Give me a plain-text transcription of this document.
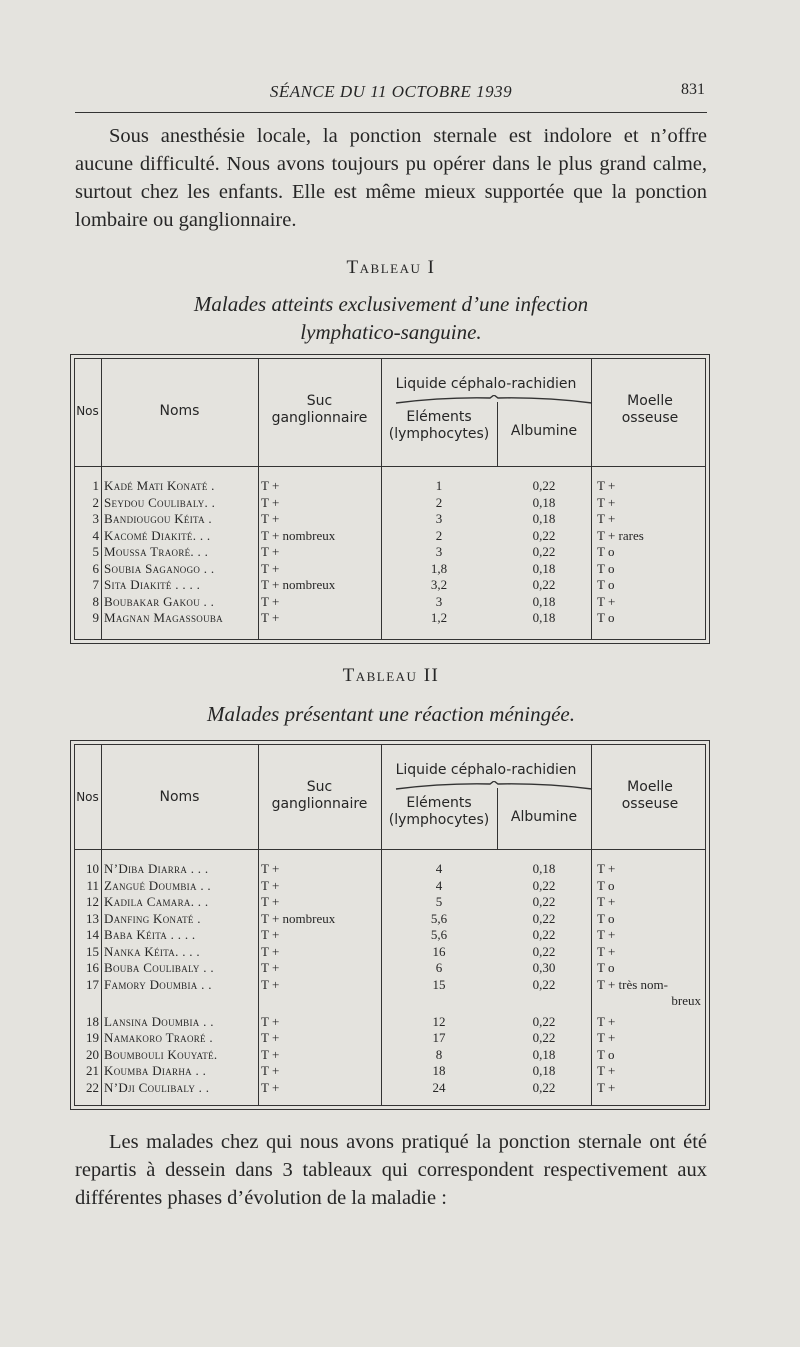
SÉANCE DU 11 OCTOBRE 1939	831

Sous anesthésie locale, la ponction sternale est indolore et n’offre aucune difficulté. Nous avons toujours pu opérer dans le plus grand calme, surtout chez les enfants. Elle est même mieux supportée que la ponction lombaire ou ganglionnaire.

Tableau I
Malades atteints exclusivement d’une infection
lymphatico-sanguine.
Nos	Noms
Suc
ganglionnaire
Liquide céphalo-rachidien
Eléments
(lymphocytes)	Albumine
Moelle
osseuse
1 Kadé Mati Konaté .	T +	1	0,22	T +
2 Seydou Coulibaly. .	T +	2	0,18	T +
3 Bandiougou Kéita .	T +	3	0,18	T +
4 Kacomé Diakité. . .	T + nombreux	2	0,22	T + rares
5 Moussa Traoré. . .	T +	3	0,22	T o
6 Soubia Saganogo . .	T +	1,8	0,18	T o
7 Sita Diakité . . . .	T + nombreux	3,2	0,22	T o
8 Boubakar Gakou . .	T +	3	0,18	T +
9 Magnan Magassouba	T +	1,2	0,18	T o
Tableau II
Malades présentant une réaction méningée.
Nos	Noms
Suc
ganglionnaire
Liquide céphalo-rachidien
Eléments
(lymphocytes)	Albumine
Moelle
osseuse
10 N’Diba Diarra . . .	T +	4	0,18	T +
11 Zangué Doumbia . .	T +	4	0,22	T o
12 Kadila Camara. . .	T +	5	0,22	T +
13 Danfing Konaté .	T + nombreux	5,6	0,22	T o
14 Baba Kéita . . . .	T +	5,6	0,22	T +
15 Nanka Kéita. . . .	T +	16	0,22	T +
16 Bouba Coulibaly . .	T +	6	0,30	T o
17 Famory Doumbia . .	T +	15	0,22	T + très nom-
breux
18 Lansina Doumbia . .	T +	12	0,22	T +
19 Namakoro Traoré .	T +	17	0,22	T +
20 Boumbouli Kouyaté.	T +	8	0,18	T o
21 Koumba Diarha . .	T +	18	0,18	T +
22 N’Dji Coulibaly . .	T +	24	0,22	T +

Les malades chez qui nous avons pratiqué la ponction sternale ont été repartis à dessein dans 3 tableaux qui correspondent respectivement aux différentes phases d’évolution de la maladie :
